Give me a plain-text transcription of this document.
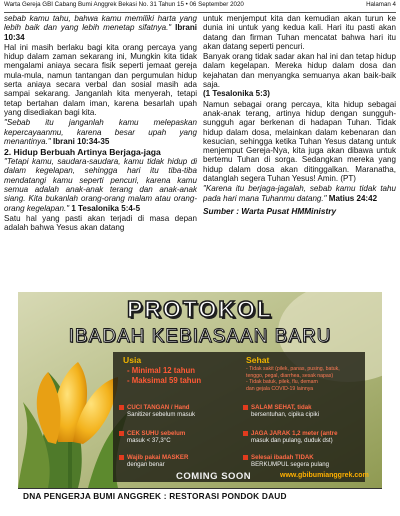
Warta Gereja GBI Cabang Bumi Anggrek Bekasi No. 31 Tahun 15 • 06 September 2020	Halaman 4

sebab kamu tahu, bahwa kamu memiliki harta yang lebih baik dan yang lebih menetap sifatnya." Ibrani 10:34

Hal ini masih berlaku bagi kita orang percaya yang hidup dalam zaman sekarang ini, Mungkin kita tidak mengalami aniaya secara fisik seperti jemaat gereja mula-mula, namun tantangan dan pergumulan hidup serta aniaya secara verbal dan sosial masih ada sampai sekarang. Janganlah kita menyerah, tetapi tetap bertahan dalam iman, karena besarlah upah yang disediakan bagi kita.

"Sebab itu janganlah kamu melepaskan kepercayaanmu, karena besar upah yang menantinya." Ibrani 10:34-35

2. Hidup Berbuah Artinya Berjaga-jaga

"Tetapi kamu, saudara-saudara, kamu tidak hidup di dalam kegelapan, sehingga hari itu tiba-tiba mendatangi kamu seperti pencuri, karena kamu semua adalah anak-anak terang dan anak-anak siang. Kita bukanlah orang-orang malam atau orang-orang kegelapan." 1 Tesalonika 5:4-5

Satu hal yang pasti akan terjadi di masa depan adalah bahwa Yesus akan datang

untuk menjemput kita dan kemudian akan turun ke dunia ini untuk yang kedua kali. Hari itu pasti akan datang dan firman Tuhan mencatat bahwa hari itu akan datang seperti pencuri.

Banyak orang tidak sadar akan hal ini dan tetap hidup dalam kegelapan. Mereka hidup dalam dosa dan kejahatan dan menyangka semuanya akan baik-baik saja.
(1 Tesalonika 5:3)

Namun sebagai orang percaya, kita hidup sebagai anak-anak terang, artinya hidup dengan sungguh-sungguh agar berkenan di hadapan Tuhan. Tidak hidup dalam dosa, melainkan dalam kebenaran dan kesucian, sehingga ketika Tuhan Yesus datang untuk menjemput Gereja-Nya, kita juga akan dibawa untuk bertemu Tuhan di sorga. Sedangkan mereka yang hidup dalam dosa akan ditinggalkan. Maranatha, datanglah segera Tuhan Yesus! Amin. (PT)

"Karena itu berjaga-jagalah, sebab kamu tidak tahu pada hari mana Tuhanmu datang." Matius 24:42

Sumber : Warta Pusat HMMinistry

PROTOKOL
IBADAH KEBIASAAN BARU
Usia
- Minimal 12 tahun
- Maksimal 59 tahun
CUCI TANGAN / Hand
Sanitizer sebelum masuk
CEK SUHU sebelum
masuk < 37,3°C
Wajib pakai MASKER
dengan benar
Sehat
- Tidak sakit (pilek, panas, pusing, batuk,
tenggo, pegal, diarrhea, sesak napas)
- Tidak batuk, pilek, flu, demam
dan gejala COVID-19 lainnya
SALAM SEHAT, tidak
bersentuhan, cipika cipiki
JAGA JARAK 1,2 meter (antre
masuk dan pulang, duduk dst)
Selesai ibadah TIDAK
BERKUMPUL segera pulang
COMING SOON	www.gbibumianggrek.com
DNA PENGERJA BUMI ANGGREK : RESTORASI PONDOK DAUD
